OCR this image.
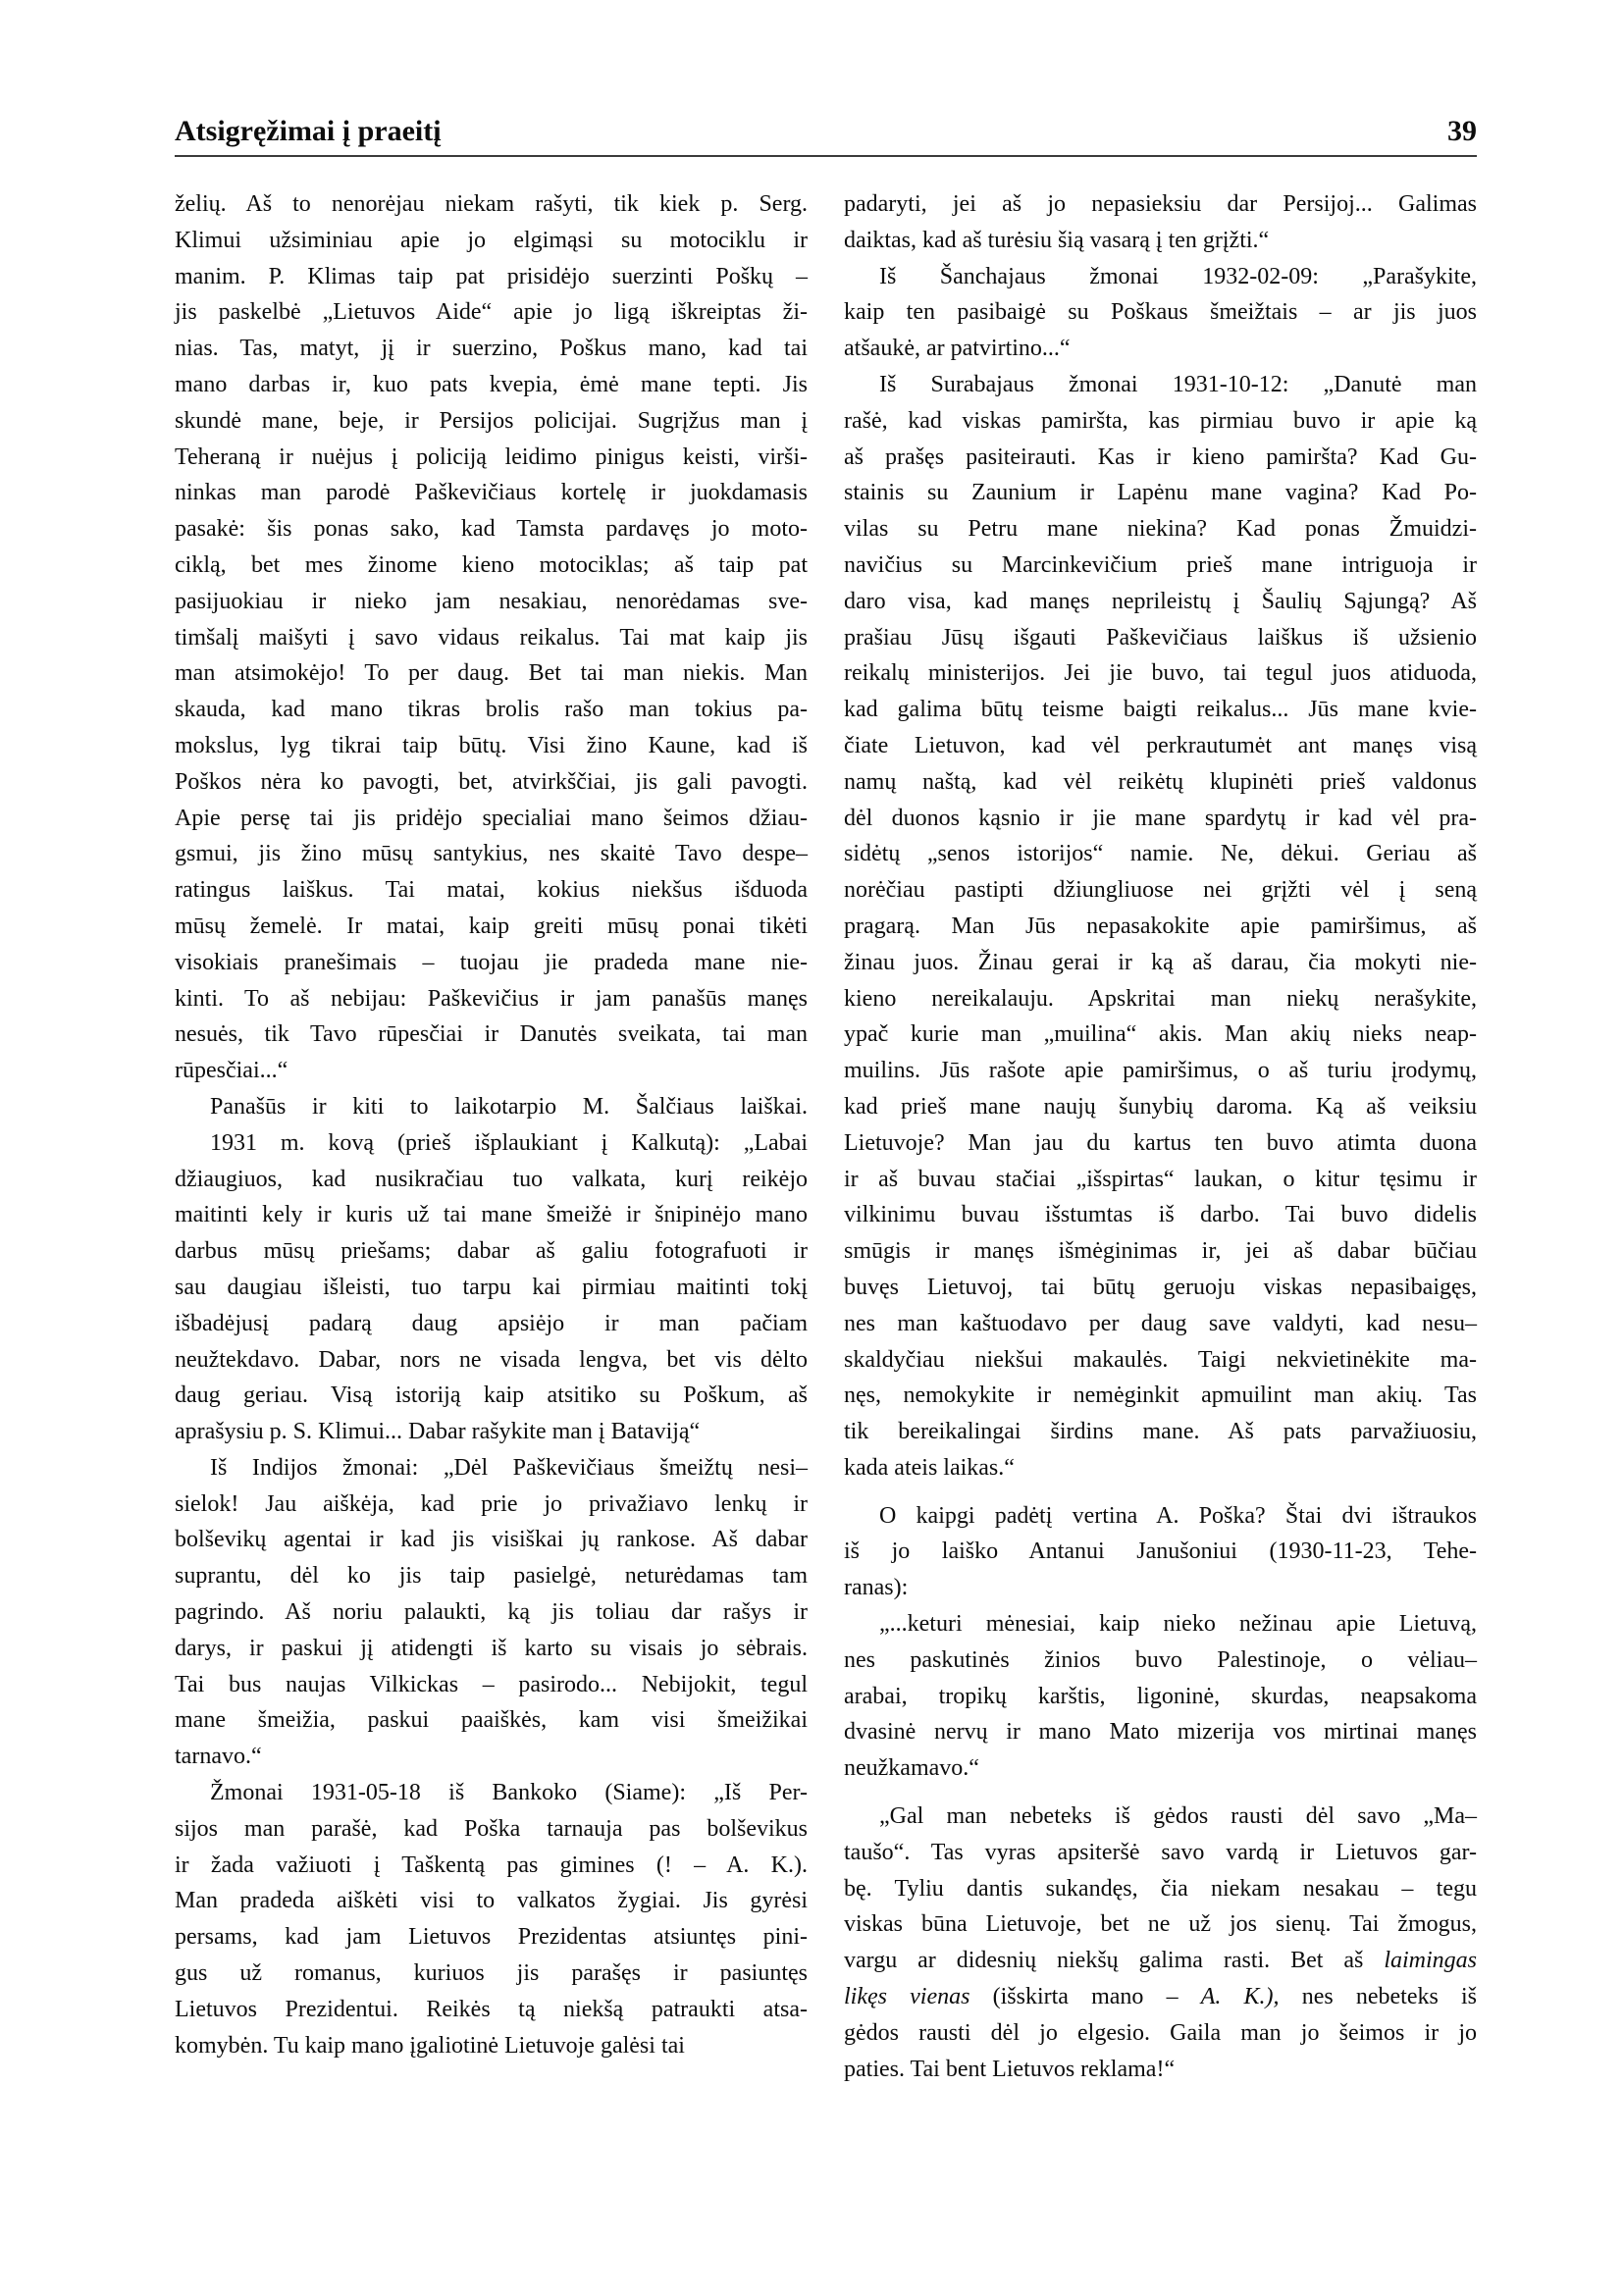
Atsigręžimai į praeitį	39
želių. Aš to nenorėjau niekam rašyti, tik kiek p. Serg.
Klimui užsiminiau apie jo elgimąsi su motociklu ir
manim. P. Klimas taip pat prisidėjo suerzinti Poškų –
jis paskelbė „Lietuvos Aide“ apie jo ligą iškreiptas ži-
nias. Tas, matyt, jį ir suerzino, Poškus mano, kad tai
mano darbas ir, kuo pats kvepia, ėmė mane tepti. Jis
skundė mane, beje, ir Persijos policijai. Sugrįžus man į
Teheraną ir nuėjus į policiją leidimo pinigus keisti, virši-
ninkas man parodė Paškevičiaus kortelę ir juokdamasis
pasakė: šis ponas sako, kad Tamsta pardavęs jo moto-
ciklą, bet mes žinome kieno motociklas; aš taip pat
pasijuokiau ir nieko jam nesakiau, nenorėdamas sve-
timšalį maišyti į savo vidaus reikalus. Tai mat kaip jis
man atsimokėjo! To per daug. Bet tai man niekis. Man
skauda, kad mano tikras brolis rašo man tokius pa-
mokslus, lyg tikrai taip būtų. Visi žino Kaune, kad iš
Poškos nėra ko pavogti, bet, atvirkščiai, jis gali pavogti.
Apie persę tai jis pridėjo specialiai mano šeimos džiau-
gsmui, jis žino mūsų santykius, nes skaitė Tavo despe–
ratingus laiškus. Tai matai, kokius niekšus išduoda
mūsų žemelė. Ir matai, kaip greiti mūsų ponai tikėti
visokiais pranešimais – tuojau jie pradeda mane nie-
kinti. To aš nebijau: Paškevičius ir jam panašūs manęs
nesuės, tik Tavo rūpesčiai ir Danutės sveikata, tai man
rūpesčiai...“
Panašūs ir kiti to laikotarpio M. Šalčiaus laiškai.
1931 m. kovą (prieš išplaukiant į Kalkutą): „Labai
džiaugiuos, kad nusikračiau tuo valkata, kurį reikėjo
maitinti kely ir kuris už tai mane šmeižė ir šnipinėjo mano
darbus mūsų priešams; dabar aš galiu fotografuoti ir
sau daugiau išleisti, tuo tarpu kai pirmiau maitinti tokį
išbadėjusį padarą daug apsiėjo ir man pačiam
neužtekdavo. Dabar, nors ne visada lengva, bet vis dėlto
daug geriau. Visą istoriją kaip atsitiko su Poškum, aš
aprašysiu p. S. Klimui... Dabar rašykite man į Bataviją“
Iš Indijos žmonai: „Dėl Paškevičiaus šmeižtų nesi–
sielok! Jau aiškėja, kad prie jo privažiavo lenkų ir
bolševikų agentai ir kad jis visiškai jų rankose. Aš dabar
suprantu, dėl ko jis taip pasielgė, neturėdamas tam
pagrindo. Aš noriu palaukti, ką jis toliau dar rašys ir
darys, ir paskui jį atidengti iš karto su visais jo sėbrais.
Tai bus naujas Vilkickas – pasirodo... Nebijokit, tegul
mane šmeižia, paskui paaiškės, kam visi šmeižikai
tarnavo.“
Žmonai 1931-05-18 iš Bankoko (Siame): „Iš Per-
sijos man parašė, kad Poška tarnauja pas bolševikus
ir žada važiuoti į Taškentą pas gimines (! – A. K.).
Man pradeda aiškėti visi to valkatos žygiai. Jis gyrėsi
persams, kad jam Lietuvos Prezidentas atsiuntęs pini-
gus už romanus, kuriuos jis parašęs ir pasiuntęs
Lietuvos Prezidentui. Reikės tą niekšą patraukti atsa-
komybėn. Tu kaip mano įgaliotinė Lietuvoje galėsi tai
padaryti, jei aš jo nepasieksiu dar Persijoj... Galimas
daiktas, kad aš turėsiu šią vasarą į ten grįžti.“
Iš Šanchajaus žmonai 1932-02-09: „Parašykite,
kaip ten pasibaigė su Poškaus šmeižtais – ar jis juos
atšaukė, ar patvirtino...“
Iš Surabajaus žmonai 1931-10-12: „Danutė man
rašė, kad viskas pamiršta, kas pirmiau buvo ir apie ką
aš prašęs pasiteirauti. Kas ir kieno pamiršta? Kad Gu-
stainis su Zaunium ir Lapėnu mane vagina? Kad Po-
vilas su Petru mane niekina? Kad ponas Žmuidzi-
navičius su Marcinkevičium prieš mane intriguoja ir
daro visa, kad manęs neprileistų į Šaulių Sąjungą? Aš
prašiau Jūsų išgauti Paškevičiaus laiškus iš užsienio
reikalų ministerijos. Jei jie buvo, tai tegul juos atiduoda,
kad galima būtų teisme baigti reikalus... Jūs mane kvie-
čiate Lietuvon, kad vėl perkrautumėt ant manęs visą
namų naštą, kad vėl reikėtų klupinėti prieš valdonus
dėl duonos kąsnio ir jie mane spardytų ir kad vėl pra-
sidėtų „senos istorijos“ namie. Ne, dėkui. Geriau aš
norėčiau pastipti džiungliuose nei grįžti vėl į seną
pragarą. Man Jūs nepasakokite apie pamiršimus, aš
žinau juos. Žinau gerai ir ką aš darau, čia mokyti nie-
kieno nereikalauju. Apskritai man niekų nerašykite,
ypač kurie man „muilina“ akis. Man akių nieks neap-
muilins. Jūs rašote apie pamiršimus, o aš turiu įrodymų,
kad prieš mane naujų šunybių daroma. Ką aš veiksiu
Lietuvoje? Man jau du kartus ten buvo atimta duona
ir aš buvau stačiai „išspirtas“ laukan, o kitur tęsimu ir
vilkinimu buvau išstumtas iš darbo. Tai buvo didelis
smūgis ir manęs išmėginimas ir, jei aš dabar būčiau
buvęs Lietuvoj, tai būtų geruoju viskas nepasibaigęs,
nes man kaštuodavo per daug save valdyti, kad nesu–
skaldyčiau niekšui makaulės. Taigi nekvietinėkite ma-
nęs, nemokykite ir nemėginkit apmuilint man akių. Tas
tik bereikalingai širdins mane. Aš pats parvažiuosiu,
kada ateis laikas.“
O kaipgi padėtį vertina A. Poška? Štai dvi ištraukos
iš jo laiško Antanui Janušoniui (1930-11-23, Tehe-
ranas):
„...keturi mėnesiai, kaip nieko nežinau apie Lietuvą,
nes paskutinės žinios buvo Palestinoje, o vėliau–
arabai, tropikų karštis, ligoninė, skurdas, neapsakoma
dvasinė nervų ir mano Mato mizerija vos mirtinai manęs
neužkamavo.“
„Gal man nebeteks iš gėdos rausti dėl savo „Ma–
taušo“. Tas vyras apsiteršė savo vardą ir Lietuvos gar-
bę. Tyliu dantis sukandęs, čia niekam nesakau – tegu
viskas būna Lietuvoje, bet ne už jos sienų. Tai žmogus,
vargu ar didesnių niekšų galima rasti. Bet aš laimingas
likęs vienas (išskirta mano – A. K.), nes nebeteks iš
gėdos rausti dėl jo elgesio. Gaila man jo šeimos ir jo
paties. Tai bent Lietuvos reklama!“
